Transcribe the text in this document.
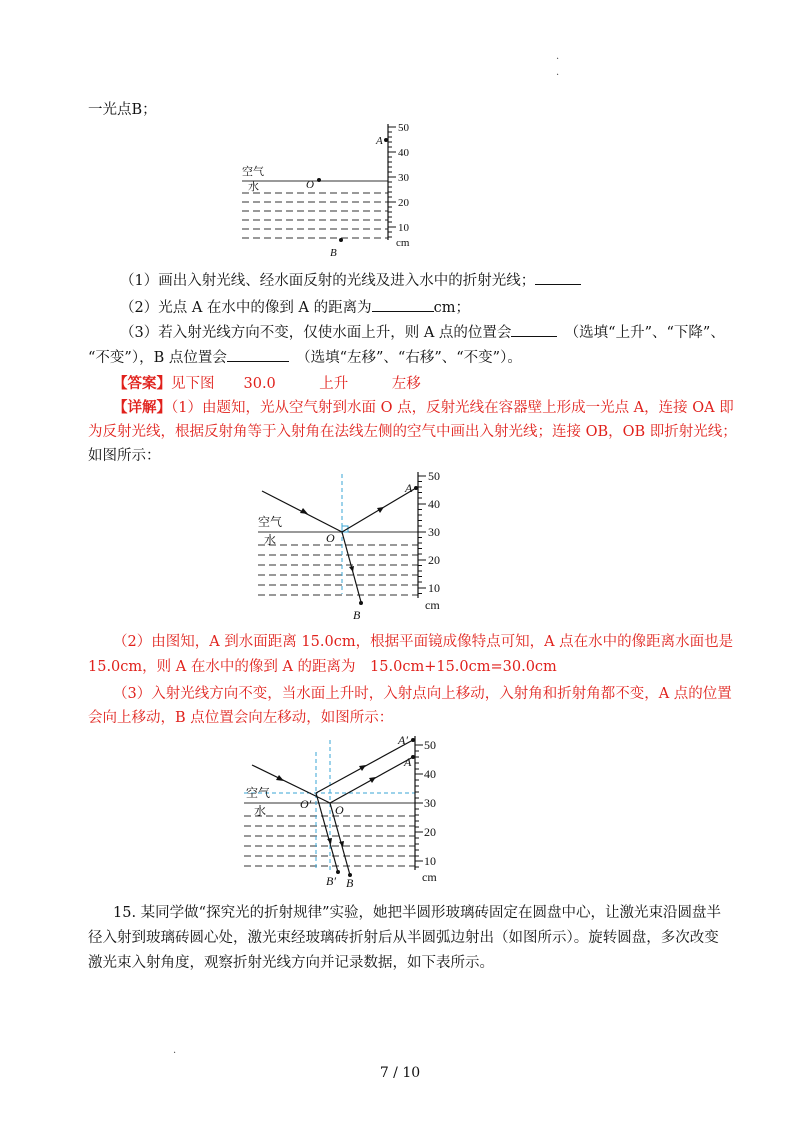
·
·
·
一光点B；
50
40
30
20
10
cm
A
O
B
空气
水
（1）画出入射光线、经水面反射的光线及进入水中的折射光线；
（2）光点 A 在水中的像到 A 的距离为	cm；
（3）若入射光线方向不变，仅使水面上升，则 A 点的位置会　	（选填“上升”、“下降”、
“不变”），B 点位置会　	（选填“左移”、“右移”、“不变”）。
【答案】见下图　　 30.0　　　	上升　　　	左移
【详解】（1）由题知，光从空气射到水面 O 点，反射光线在容器壁上形成一光点 A，连接 OA 即
为反射光线，根据反射角等于入射角在法线左侧的空气中画出入射光线；连接 OB，OB 即折射光线；
如图所示：
50
40
30
20
10
cm
A
O
B
空气
水
（2）由图知，A 到水面距离 15.0cm，根据平面镜成像特点可知，A 点在水中的像距离水面也是
15.0cm，则 A 在水中的像到 A 的距离为　15.0cm+15.0cm=30.0cm
（3）入射光线方向不变，当水面上升时，入射点向上移动，入射角和折射角都不变，A 点的位置
会向上移动，B 点位置会向左移动，如图所示：
50
40
30
20
10
cm
A′
A
O′ O
B′ B
空气
水
15. 某同学做“探究光的折射规律”实验，她把半圆形玻璃砖固定在圆盘中心，让激光束沿圆盘半
径入射到玻璃砖圆心处，激光束经玻璃砖折射后从半圆弧边射出（如图所示）。旋转圆盘，多次改变
激光束入射角度，观察折射光线方向并记录数据，如下表所示。
7 / 10
